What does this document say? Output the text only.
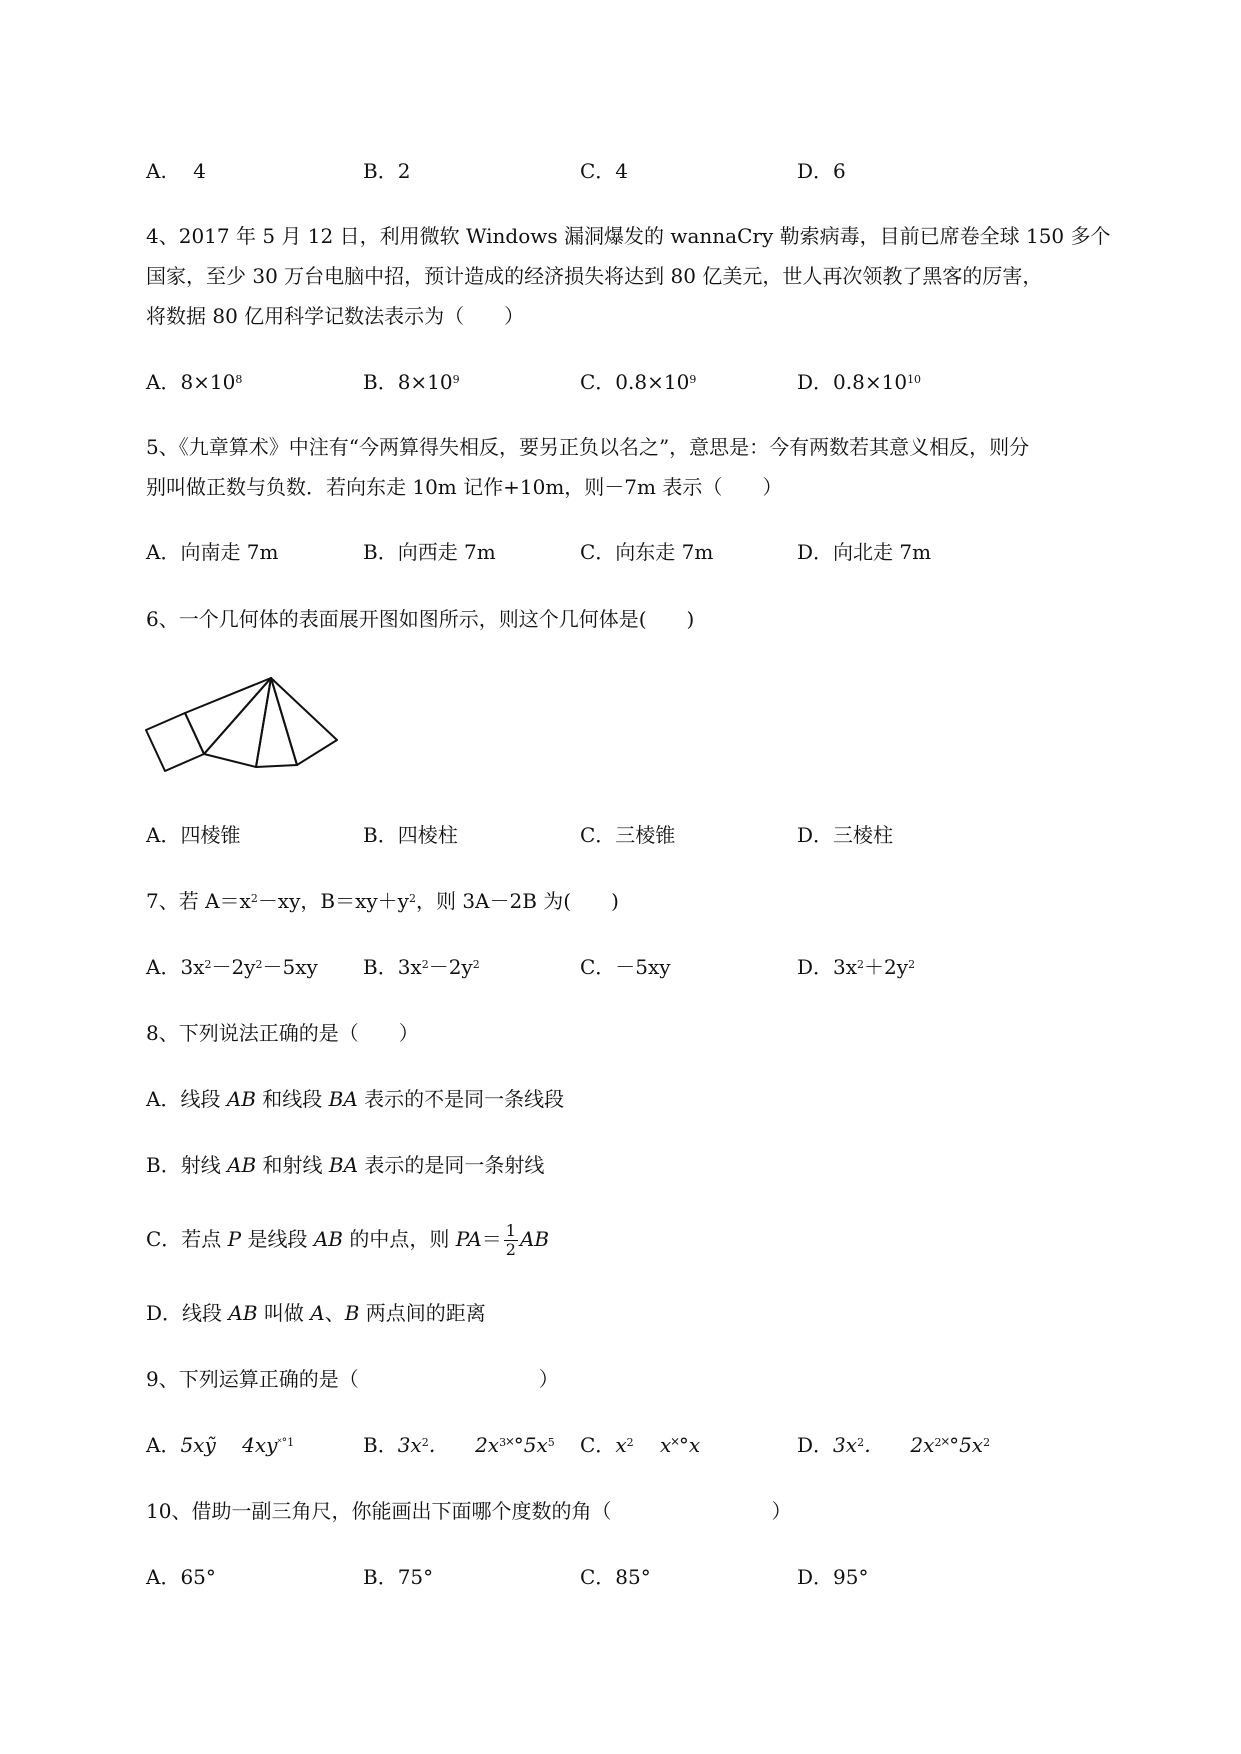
A.　 4	B．2	C．4	D．6
4、2017 年 5 月 12 日，利用微软 Windows 漏洞爆发的 wannaCry 勒索病毒，目前已席卷全球 150 多个
国家，至少 30 万台电脑中招，预计造成的经济损失将达到 80 亿美元，世人再次领教了黑客的厉害，
将数据 80 亿用科学记数法表示为（　　）
A．$8\times 10^8$	B．$8\times 10^9$	C．$0.8\times 10^9$	D．$0.8\times 10^{10}$
5、《九章算术》中注有“今两算得失相反，要另正负以名之”，意思是：今有两数若其意义相反，则分
别叫做正数与负数．若向东走 10m 记作+10m，则－7m 表示（　　）
A．向南走 7m	B．向西走 7m	C．向东走 7m	D．向北走 7m
6、一个几何体的表面展开图如图所示，则这个几何体是(　　)
A．四棱锥	B．四棱柱	C．三棱锥	D．三棱柱
7、若 $A=x^2-xy$，$B=xy+y^2$，则 3A－2B 为(　　)
A．$3x^2-2y^2-5xy$ B．$3x^2-2y^2$	C．－5xy	D．$3x^2+2y^2$
8、下列说法正确的是（　　）
A．线段 AB 和线段 BA 表示的不是同一条线段
B．射线 AB 和射线 BA 表示的是同一条射线
C．若点 P 是线段 AB 的中点，则 $PA= \frac{1}{2}$ AB
D．线段 AB 叫做 A、B 两点间的距离
9、下列运算正确的是（　　　　　　　　　）
A．5xỹ  $4xy^{˟^\circ 1}$	B．$3x^2$．  $2x^3˟^\circ 5x^5$ C．$x^2$  x˟°x	D．$3x^2$．  $2x^2˟^\circ 5x^2$
10、借助一副三角尺，你能画出下面哪个度数的角（　　　　　　　　）
A．65°	B．75°	C．85°	D．95°
